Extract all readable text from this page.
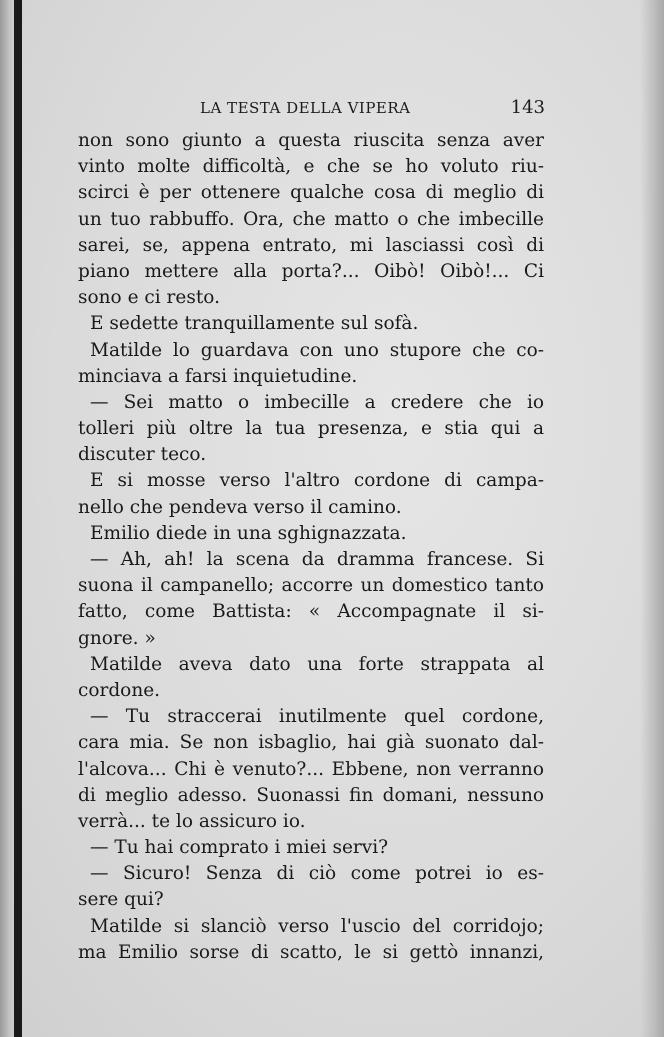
LA TESTA DELLA VIPERA	143
non sono giunto a questa riuscita senza aver
vinto molte difficoltà, e che se ho voluto riu-
scirci è per ottenere qualche cosa di meglio di
un tuo rabbuffo. Ora, che matto o che imbecille
sarei, se, appena entrato, mi lasciassi così di
piano mettere alla porta?... Oibò! Oibò!... Ci
sono e ci resto.
E sedette tranquillamente sul sofà.
Matilde lo guardava con uno stupore che co-
minciava a farsi inquietudine.
— Sei matto o imbecille a credere che io
tolleri più oltre la tua presenza, e stia qui a
discuter teco.
E si mosse verso l'altro cordone di campa-
nello che pendeva verso il camino.
Emilio diede in una sghignazzata.
— Ah, ah! la scena da dramma francese. Si
suona il campanello; accorre un domestico tanto
fatto, come Battista: « Accompagnate il si-
gnore. »
Matilde aveva dato una forte strappata al
cordone.
— Tu straccerai inutilmente quel cordone,
cara mia. Se non isbaglio, hai già suonato dal-
l'alcova... Chi è venuto?... Ebbene, non verranno
di meglio adesso. Suonassi fin domani, nessuno
verrà... te lo assicuro io.
— Tu hai comprato i miei servi?
— Sicuro! Senza di ciò come potrei io es-
sere qui?
Matilde si slanciò verso l'uscio del corridojo;
ma Emilio sorse di scatto, le si gettò innanzi,
